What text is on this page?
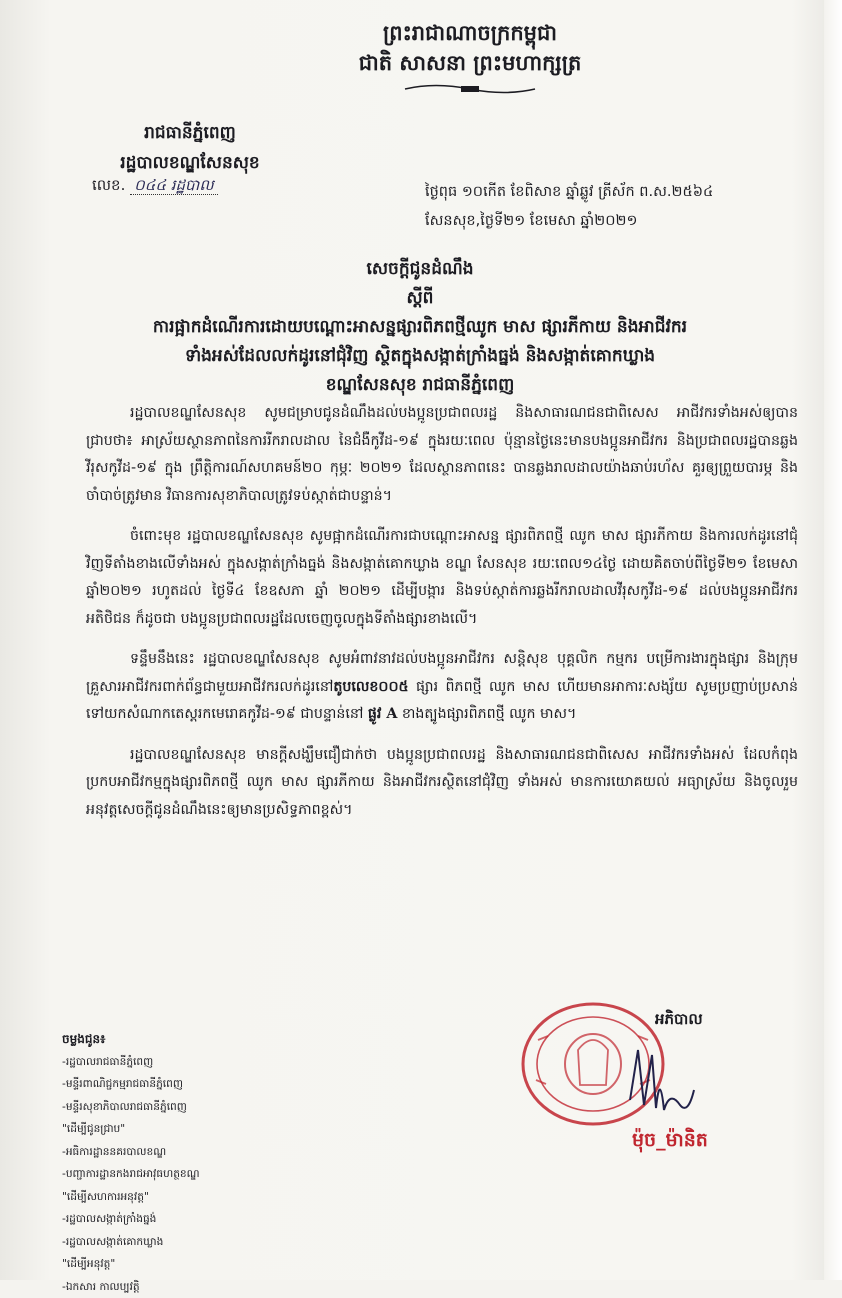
ព្រះរាជាណាចក្រកម្ពុជា
ជាតិ សាសនា ព្រះមហាក្សត្រ
រាជធានីភ្នំពេញ
រដ្ឋបាលខណ្ឌសែនសុខ
លេខ. ០៤៤ រដ្ឋបាល	ថ្ងៃពុធ ១០កើត ខែពិសាខ ឆ្នាំឆ្លូវ ត្រីស័ក ព.ស.២៥៦៤
សែនសុខ,ថ្ងៃទី២១ ខែមេសា ឆ្នាំ២០២១
សេចក្តីជូនដំណឹង
ស្តីពី
ការផ្អាកដំណើរការដោយបណ្តោះអាសន្នផ្សារពិភពថ្មីឈូក មាស ផ្សារភីកាយ និងអាជីវករ
ទាំងអស់ដែលលក់ដូរនៅជុំវិញ ស្ថិតក្នុងសង្កាត់ក្រាំងធ្នង់ និងសង្កាត់គោកឃ្លាង
ខណ្ឌសែនសុខ រាជធានីភ្នំពេញ

រដ្ឋបាលខណ្ឌសែនសុខ សូមជម្រាបជូនដំណឹងដល់បងប្អូនប្រជាពលរដ្ឋ និងសាធារណជនជាពិសេស អាជីវករទាំងអស់ឲ្យបានជ្រាបថា៖ អាស្រ័យស្ថានភាពនៃការរីករាលដាល នៃជំងឺកូវីដ-១៩ ក្នុងរយៈពេល ប៉ុន្មានថ្ងៃនេះមានបងប្អូនអាជីវករ និងប្រជាពលរដ្ឋបានឆ្លងវីរុសកូវីដ-១៩ ក្នុង ព្រឹត្តិការណ៍សហគមន៍២០ កុម្ភៈ ២០២១ ដែលស្ថានភាពនេះ បានឆ្លងរាលដាលយ៉ាងឆាប់រហ័ស គួរឲ្យព្រួយបារម្ភ និងចាំបាច់ត្រូវមាន វិធានការសុខាភិបាលត្រូវទប់ស្កាត់ជាបន្ទាន់។

ចំពោះមុខ រដ្ឋបាលខណ្ឌសែនសុខ សូមផ្អាកដំណើរការជាបណ្តោះអាសន្ន ផ្សារពិភពថ្មី ឈូក មាស ផ្សារភីកាយ និងការលក់ដូរនៅជុំវិញទីតាំងខាងលើទាំងអស់ ក្នុងសង្កាត់ក្រាំងធ្នង់ និងសង្កាត់គោកឃ្លាង ខណ្ឌ សែនសុខ រយៈពេល១៤ថ្ងៃ ដោយគិតចាប់ពីថ្ងៃទី២១ ខែមេសា ឆ្នាំ២០២១ រហូតដល់ ថ្ងៃទី៤ ខែឧសភា ឆ្នាំ ២០២១ ដើម្បីបង្ការ និងទប់ស្កាត់ការឆ្លងរីករាលដាលវីរុសកូវីដ-១៩ ដល់បងប្អូនអាជីវករ អតិថិជន ក៏ដូចជា បងប្អូនប្រជាពលរដ្ឋដែលចេញចូលក្នុងទីតាំងផ្សារខាងលើ។

ទន្ទឹមនឹងនេះ រដ្ឋបាលខណ្ឌសែនសុខ សូមអំពាវនាវដល់បងប្អូនអាជីវករ សន្តិសុខ បុគ្គលិក កម្មករ បម្រើការងារក្នុងផ្សារ និងក្រុមគ្រួសារអាជីវករពាក់ព័ន្ធជាមួយអាជីវករលក់ដូរនៅតូបលេខ០០៥ ផ្សារ ពិភពថ្មី ឈូក មាស ហើយមានអាការៈសង្ស័យ សូមប្រញាប់ប្រសាន់ទៅយកសំណាកតេស្តរកមេរោគកូវីដ-១៩ ជាបន្ទាន់នៅ ផ្លូវ A ខាងត្បូងផ្សារពិភពថ្មី ឈូក មាស។

រដ្ឋបាលខណ្ឌសែនសុខ មានក្តីសង្ឃឹមជឿជាក់ថា បងប្អូនប្រជាពលរដ្ឋ និងសាធារណជនជាពិសេស អាជីវករទាំងអស់ ដែលកំពុងប្រកបអាជីវកម្មក្នុងផ្សារពិភពថ្មី ឈូក មាស ផ្សារភីកាយ និងអាជីវករស្ថិតនៅជុំវិញ ទាំងអស់ មានការយោគយល់ អធ្យាស្រ័យ និងចូលរួមអនុវត្តសេចក្តីជូនដំណឹងនេះឲ្យមានប្រសិទ្ធភាពខ្ពស់។

អភិបាល
ម៉ុច_ម៉ានិត
ចម្លងជូន៖
-រដ្ឋបាលរាជធានីភ្នំពេញ
-មន្ទីរពាណិជ្ជកម្មរាជធានីភ្នំពេញ
-មន្ទីរសុខាភិបាលរាជធានីភ្នំពេញ
"ដើម្បីជូនជ្រាប"
-អធិការដ្ឋាននគរបាលខណ្ឌ
-បញ្ជាការដ្ឋានកងរាជអាវុធហត្ថខណ្ឌ
"ដើម្បីសហការអនុវត្ត"
-រដ្ឋបាលសង្កាត់ក្រាំងធ្នង់
-រដ្ឋបាលសង្កាត់គោកឃ្លាង
"ដើម្បីអនុវត្ត"
-ឯកសារ កាលប្បវត្តិ
